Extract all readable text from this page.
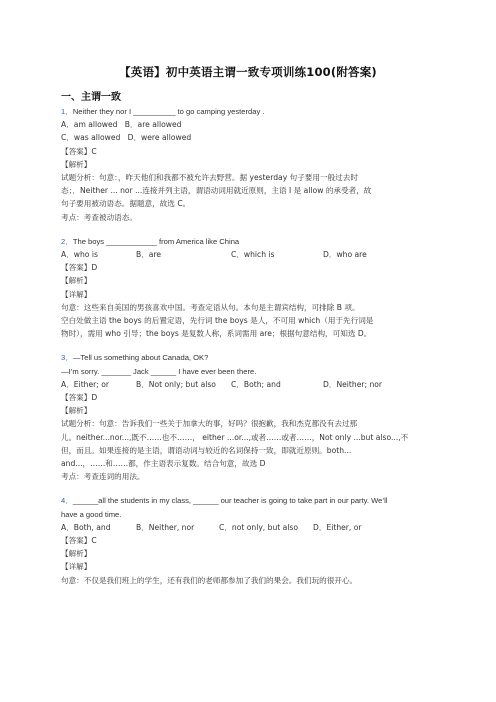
【英语】初中英语主谓一致专项训练100(附答案)
一、主谓一致
1．Neither they nor I __________ to go camping yesterday .
A．am allowed B．are allowed
C．was allowed D．were allowed
【答案】C
【解析】
试题分析：句意：，昨天他们和我都不被允许去野营。据 yesterday 句子要用一般过去时
态；．Neither ... nor ...连接并列主语，谓语动词用就近原则，主语 I 是 allow 的承受者，故
句子要用被动语态。据题意，故选 C。
考点：考查被动语态。
2．The boys ____________ from America like China
A．who is	B．are	C．which is	D．who are
【答案】D
【解析】
【详解】
句意：这些来自美国的男孩喜欢中国。考查定语从句。本句是主谓宾结构，可排除 B 项。
空白处做主语 the boys 的后置定语，先行词 the boys 是人，不可用 which（用于先行词是
物时），需用 who 引导；the boys 是复数人称，系词需用 are；根据句意结构，可知选 D。
3．—Tell us something about Canada, OK?
—I’m sorry. _______ Jack ______ I have ever been there.
A．Either; or	B．Not only; but also C．Both; and	D．Neither; nor
【答案】D
【解析】
试题分析：句意：告诉我们一些关于加拿大的事，好吗？很抱歉，我和杰克都没有去过那
儿。neither...nor...,既不……也不……， either ...or...,或者……或者……，Not only ...but also...,不
但，而且。如果连接的是主语，谓语动词与较近的名词保持一致，即就近原则。both...
and...，……和……都，作主语表示复数。结合句意，故选 D
考点：考查连词的用法。
4．______all the students in my class, ______ our teacher is going to take part in our party. We’ll
have a good time.
A．Both, and	B．Neither, nor	C．not only, but also D．Either, or
【答案】C
【解析】
【详解】
句意：不仅是我们班上的学生，还有我们的老师都参加了我们的果会。我们玩的很开心。
